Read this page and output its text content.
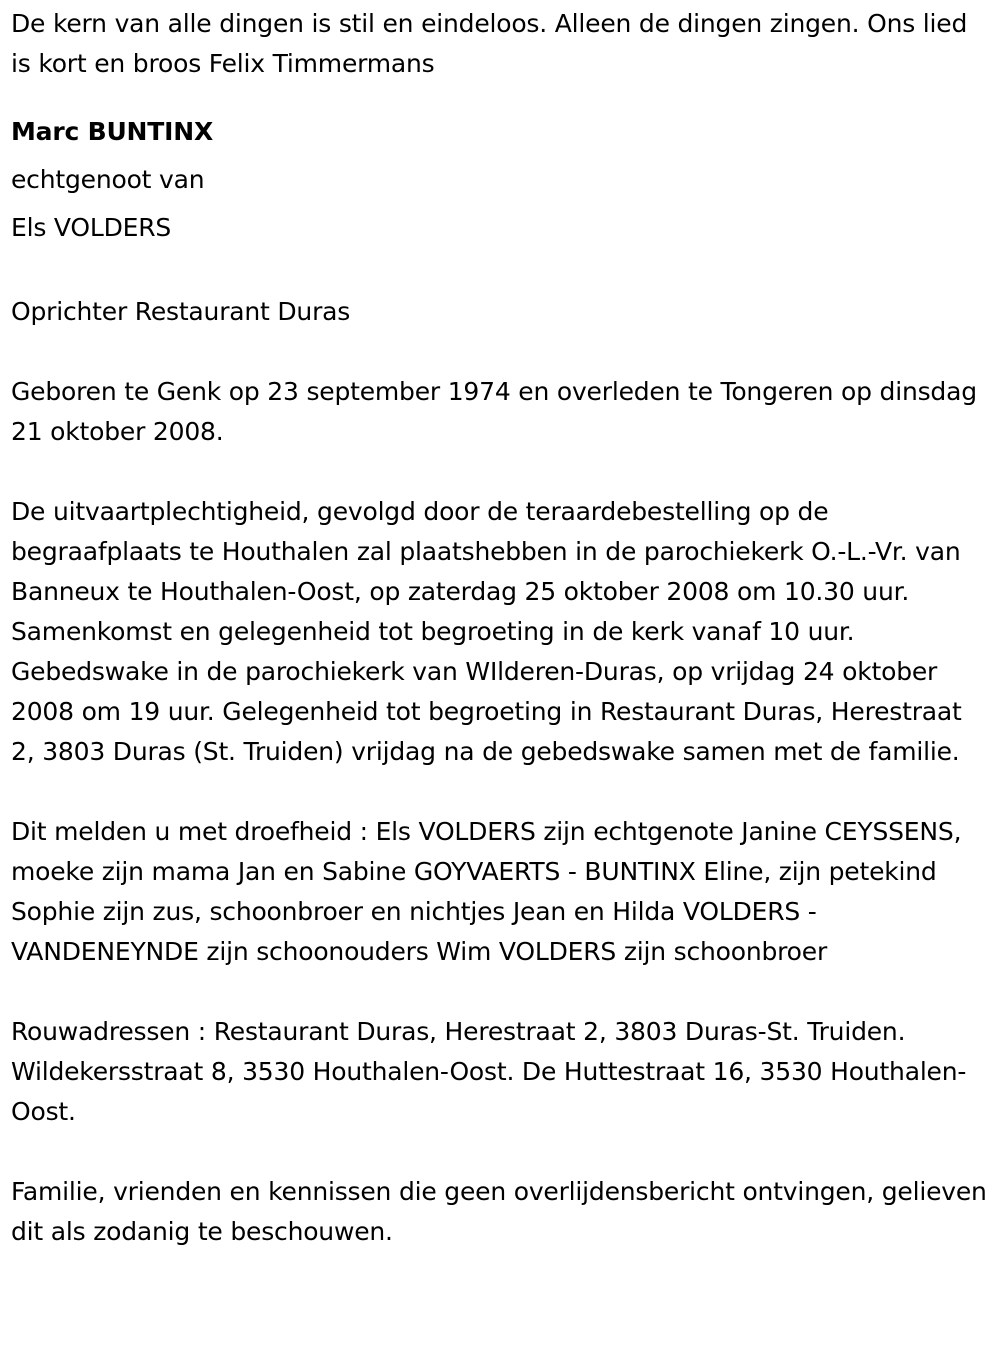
De kern van alle dingen is stil en eindeloos. Alleen de dingen zingen. Ons lied is kort en broos Felix Timmermans

Marc BUNTINX

echtgenoot van

Els VOLDERS

Oprichter Restaurant Duras

Geboren te Genk op 23 september 1974 en overleden te Tongeren op dinsdag 21 oktober 2008.

De uitvaartplechtigheid, gevolgd door de teraardebestelling op de begraafplaats te Houthalen zal plaatshebben in de parochiekerk O.-L.-Vr. van Banneux te Houthalen-Oost, op zaterdag 25 oktober 2008 om 10.30 uur. Samenkomst en gelegenheid tot begroeting in de kerk vanaf 10 uur. Gebedswake in de parochiekerk van WIlderen-Duras, op vrijdag 24 oktober 2008 om 19 uur. Gelegenheid tot begroeting in Restaurant Duras, Herestraat 2, 3803 Duras (St. Truiden) vrijdag na de gebedswake samen met de familie.

Dit melden u met droefheid : Els VOLDERS zijn echtgenote Janine CEYSSENS, moeke zijn mama Jan en Sabine GOYVAERTS - BUNTINX Eline, zijn petekind Sophie zijn zus, schoonbroer en nichtjes Jean en Hilda VOLDERS - VANDENEYNDE zijn schoonouders Wim VOLDERS zijn schoonbroer

Rouwadressen : Restaurant Duras, Herestraat 2, 3803 Duras-St. Truiden. Wildekersstraat 8, 3530 Houthalen-Oost. De Huttestraat 16, 3530 Houthalen-Oost.

Familie, vrienden en kennissen die geen overlijdensbericht ontvingen, gelieven dit als zodanig te beschouwen.
